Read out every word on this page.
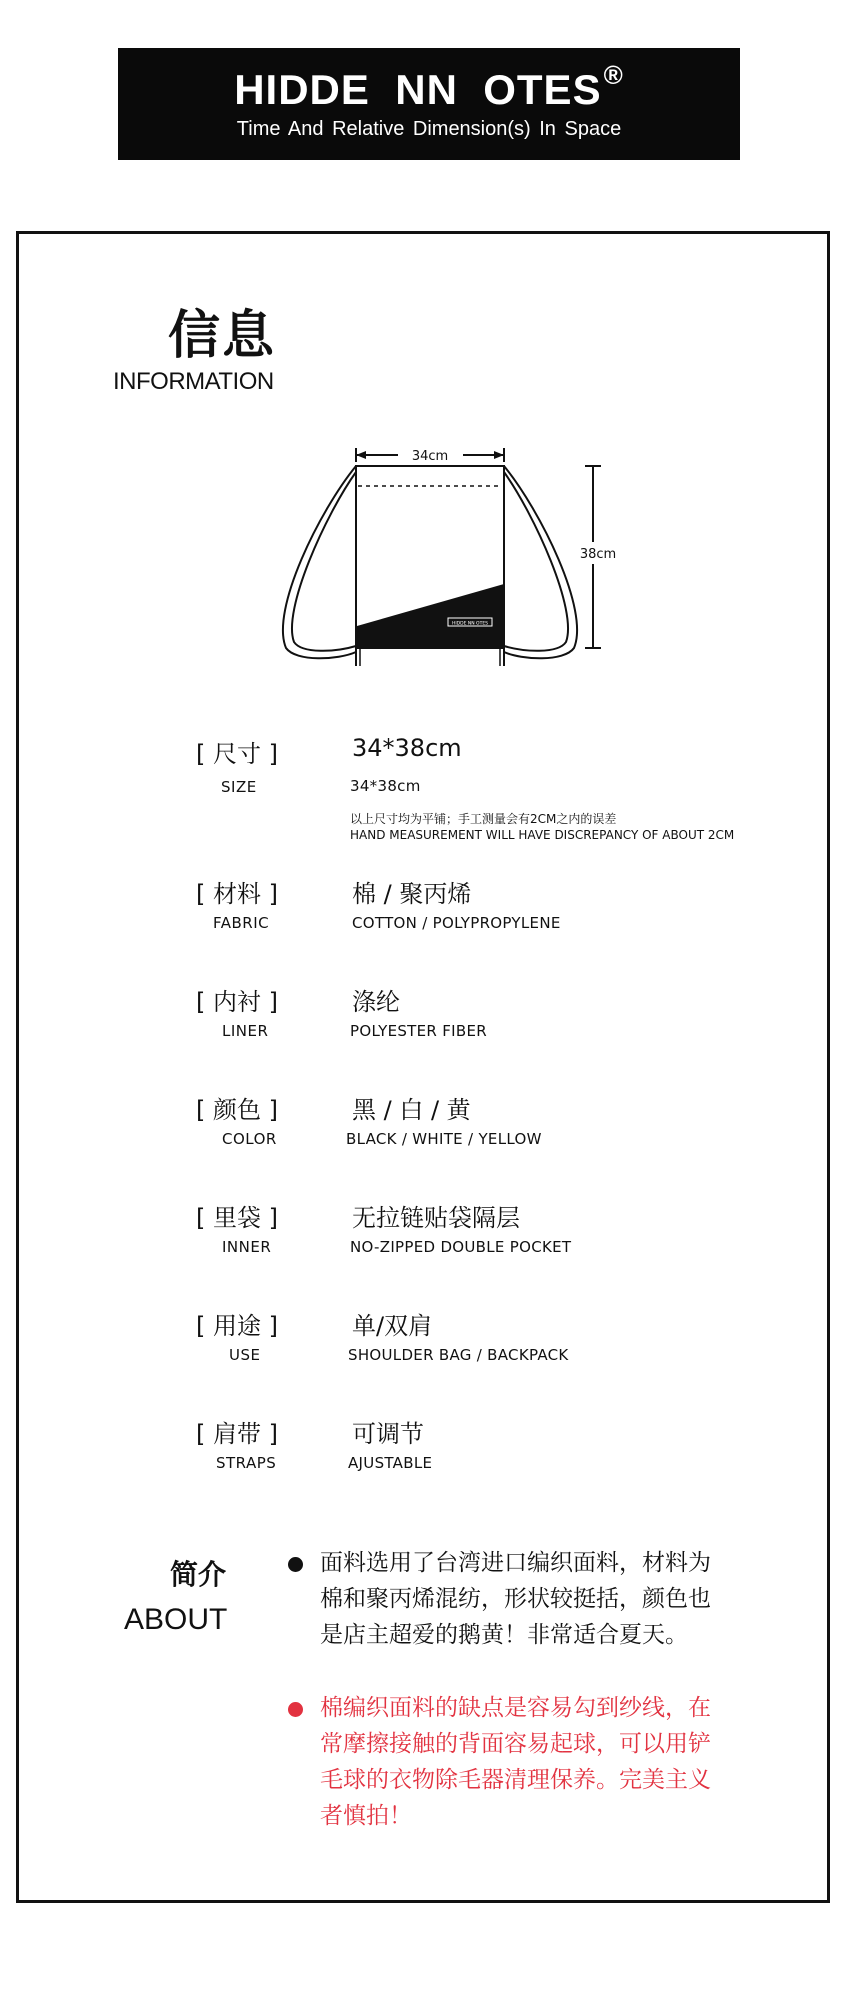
HIDDE  NN  OTES®
Time And Relative Dimension(s) In Space
信息
INFORMATION
34cm
38cm
HIDDE NN OTES
[ 尺寸 ]
SIZE
34*38cm
34*38cm
以上尺寸均为平铺；手工测量会有2CM之内的误差
HAND MEASUREMENT WILL HAVE DISCREPANCY OF ABOUT 2CM
[ 材料 ]
FABRIC
棉 / 聚丙烯
COTTON / POLYPROPYLENE
[ 内衬 ]
LINER
涤纶
POLYESTER FIBER
[ 颜色 ]
COLOR
黑 / 白 / 黄
BLACK / WHITE / YELLOW
[ 里袋 ]
INNER
无拉链贴袋隔层
NO-ZIPPED DOUBLE POCKET
[ 用途 ]
USE
单/双肩
SHOULDER BAG / BACKPACK
[ 肩带 ]
STRAPS
可调节
AJUSTABLE
简介
ABOUT
面料选用了台湾进口编织面料，材料为棉和聚丙烯混纺，形状较挺括，颜色也是店主超爱的鹅黄！非常适合夏天。
棉编织面料的缺点是容易勾到纱线，在常摩擦接触的背面容易起球，可以用铲毛球的衣物除毛器清理保养。完美主义者慎拍！
